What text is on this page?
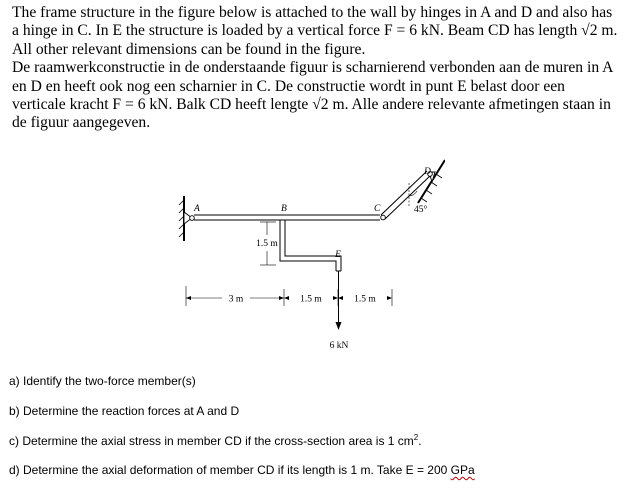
The frame structure in the figure below is attached to the wall by hinges in A and D and also has a hinge in C. In E the structure is loaded by a vertical force F = 6 kN. Beam CD has length √2 m. All other relevant dimensions can be found in the figure.

De raamwerkconstructie in de onderstaande figuur is scharnierend verbonden aan de muren in A en D en heeft ook nog een scharnier in C. De constructie wordt in punt E belast door een verticale kracht F = 6 kN. Balk CD heeft lengte √2 m. Alle andere relevante afmetingen staan in de figuur aangegeven.

A	B	C
D
E
45°
1.5 m
3 m	1.5 m	1.5 m
6 kN
a) Identify the two-force member(s)
b) Determine the reaction forces at A and D
c) Determine the axial stress in member CD if the cross-section area is 1 $cm^2$.
d) Determine the axial deformation of member CD if its length is 1 m. Take E = 200 GPa
